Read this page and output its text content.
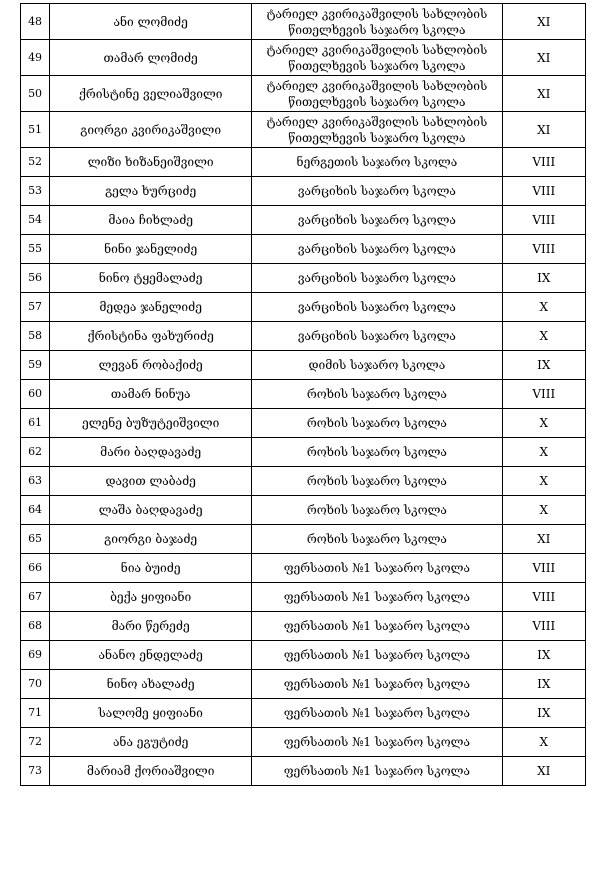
48	ანი ლომიძე	ტარიელ კვირიკაშვილის სახლობის
წითელხევის საჯარო სკოლა	XI
49	თამარ ლომიძე	ტარიელ კვირიკაშვილის სახლობის
წითელხევის საჯარო სკოლა	XI
50	ქრისტინე ველიაშვილი	ტარიელ კვირიკაშვილის სახლობის
წითელხევის საჯარო სკოლა	XI
51	გიორგი კვირიკაშვილი	ტარიელ კვირიკაშვილის სახლობის
წითელხევის საჯარო სკოლა	XI
52	ლიზი ხიზანეიშვილი	ნერგეთის საჯარო სკოლა	VIII
53	გელა ხურციძე	ვარციხის საჯარო სკოლა	VIII
54	მაია ჩიხლაძე	ვარციხის საჯარო სკოლა	VIII
55	ნინი ჯანელიძე	ვარციხის საჯარო სკოლა	VIII
56	ნინო ტყემალაძე	ვარციხის საჯარო სკოლა	IX
57	მედეა ჯანელიძე	ვარციხის საჯარო სკოლა	X
58	ქრისტინა ფახურიძე	ვარციხის საჯარო სკოლა	X
59	ლევან რობაქიძე	დიმის საჯარო სკოლა	IX
60	თამარ ნინუა	როხის საჯარო სკოლა	VIII
61	ელენე ბუზუტეიშვილი	როხის საჯარო სკოლა	X
62	მარი ბაღდავაძე	როხის საჯარო სკოლა	X
63	დავით ლაბაძე	როხის საჯარო სკოლა	X
64	ლაშა ბაღდავაძე	როხის საჯარო სკოლა	X
65	გიორგი ბაჯაძე	როხის საჯარო სკოლა	XI
66	ნია ბუიძე	ფერსათის №1 საჯარო სკოლა	VIII
67	ბექა ყიფიანი	ფერსათის №1 საჯარო სკოლა	VIII
68	მარი წერეძე	ფერსათის №1 საჯარო სკოლა	VIII
69	ანანო ენდელაძე	ფერსათის №1 საჯარო სკოლა	IX
70	ნინო ახალაძე	ფერსათის №1 საჯარო სკოლა	IX
71	სალომე ყიფიანი	ფერსათის №1 საჯარო სკოლა	IX
72	ანა ეგუტიძე	ფერსათის №1 საჯარო სკოლა	X
73	მარიამ ქორიაშვილი	ფერსათის №1 საჯარო სკოლა	XI
